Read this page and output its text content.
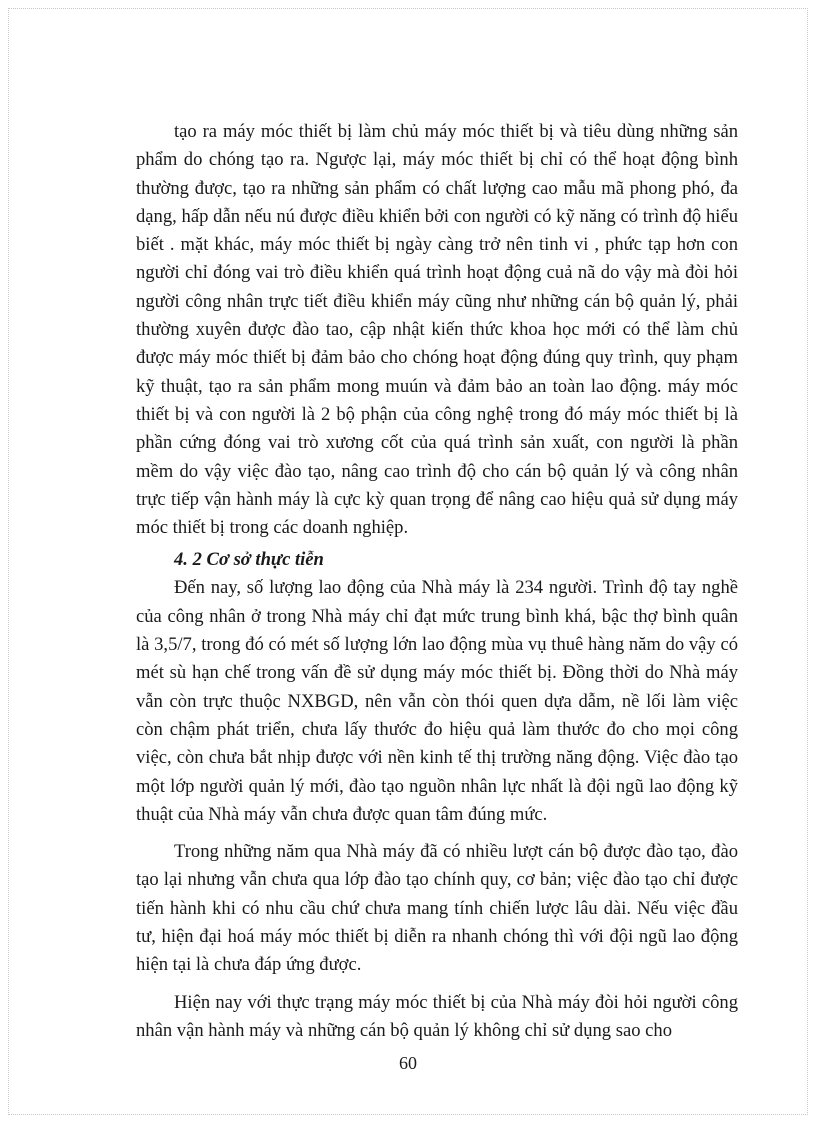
tạo ra máy móc thiết bị làm chủ máy móc thiết bị và tiêu dùng những sản phẩm do chóng tạo ra. Ngược lại, máy móc thiết bị chỉ có thể hoạt động bình thường được, tạo ra những sản phẩm có chất lượng cao mẫu mã phong phó, đa dạng, hấp dẫn nếu nú được điều khiển bởi con người có kỹ năng có trình độ hiểu biết . mặt khác, máy móc thiết bị ngày càng trở nên tinh vi , phức tạp hơn con người chỉ đóng vai trò điều khiển quá trình hoạt động cuả nã do vậy mà đòi hỏi người công nhân trực tiết điều khiển máy cũng như những cán bộ quản lý, phải thường xuyên được đào tao, cập nhật kiến thức khoa học mới có thể làm chủ được máy móc thiết bị đảm bảo cho chóng hoạt động đúng quy trình, quy phạm kỹ thuật, tạo ra sản phẩm mong muún và đảm bảo an toàn lao động. máy móc thiết bị và con người là 2 bộ phận của công nghệ trong đó máy móc thiết bị là phần cứng đóng vai trò xương cốt của quá trình sản xuất, con người là phần mềm do vậy việc đào tạo, nâng cao trình độ cho cán bộ quản lý và công nhân trực tiếp vận hành máy là cực kỳ quan trọng để nâng cao hiệu quả sử dụng máy móc thiết bị trong các doanh nghiệp.

4. 2 Cơ sở thực tiễn

Đến nay, số lượng lao động của Nhà máy là 234 người. Trình độ tay nghề của công nhân ở trong Nhà máy chỉ đạt mức trung bình khá, bậc thợ bình quân là 3,5/7, trong đó có mét số lượng lớn lao động mùa vụ thuê hàng năm do vậy có mét sù hạn chế trong vấn đề sử dụng máy móc thiết bị. Đồng thời do Nhà máy vẫn còn trực thuộc NXBGD, nên vẫn còn thói quen dựa dẫm, nề lối làm việc còn chậm phát triển, chưa lấy thước đo hiệu quả làm thước đo cho mọi công việc, còn chưa bắt nhịp được với nền kinh tế thị trường năng động. Việc đào tạo một lớp người quản lý mới, đào tạo nguồn nhân lực nhất là đội ngũ lao động kỹ thuật của Nhà máy vẫn chưa được quan tâm đúng mức.

Trong những năm qua Nhà máy đã có nhiều lượt cán bộ được đào tạo, đào tạo lại nhưng vẫn chưa qua lớp đào tạo chính quy, cơ bản; việc đào tạo chỉ được tiến hành khi có nhu cầu chứ chưa mang tính chiến lược lâu dài. Nếu việc đầu tư, hiện đại hoá máy móc thiết bị diễn ra nhanh chóng thì với đội ngũ lao động hiện tại là chưa đáp ứng được.

Hiện nay với thực trạng máy móc thiết bị của Nhà máy đòi hỏi người công nhân vận hành máy và những cán bộ quản lý không chỉ sử dụng sao cho

60
